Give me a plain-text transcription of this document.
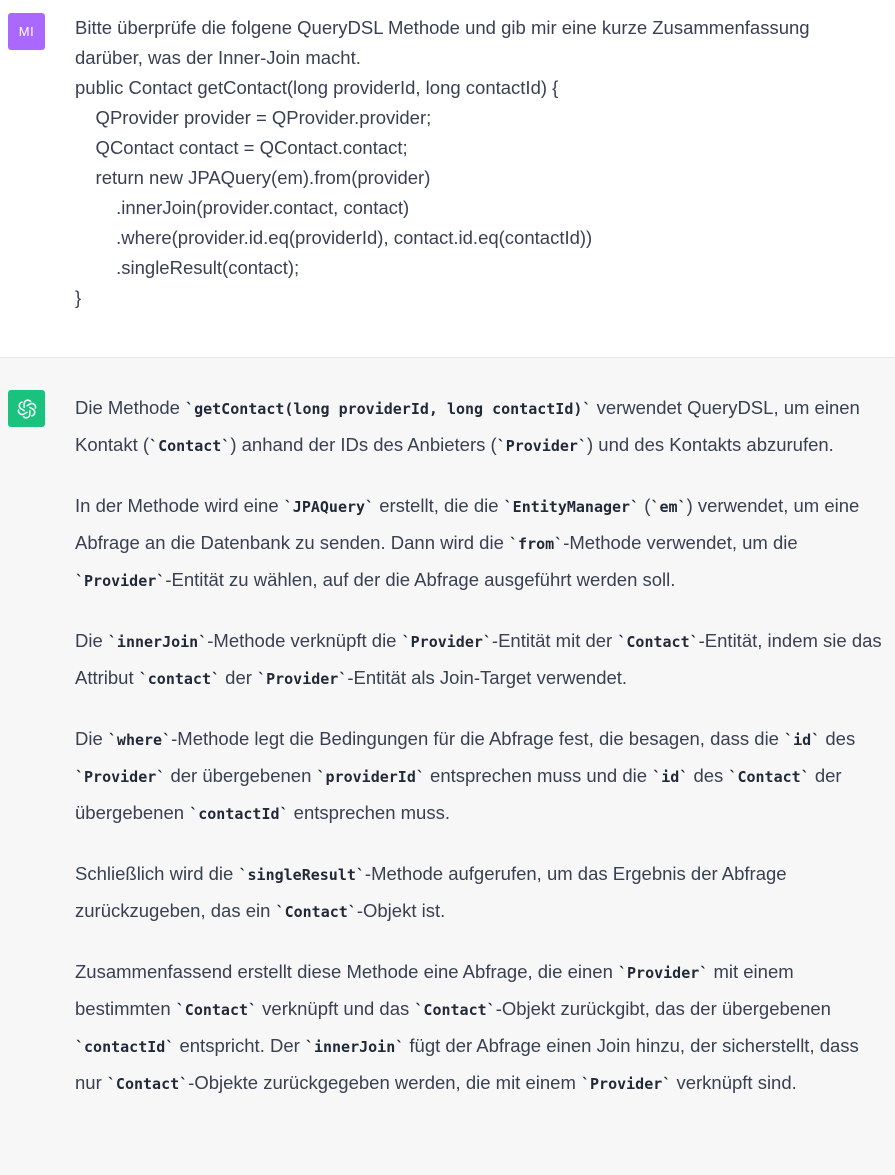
MI Bitte überprüfe die folgene QueryDSL Methode und gib mir eine kurze Zusammenfassung
darüber, was der Inner-Join macht.
public Contact getContact(long providerId, long contactId) {
QProvider provider = QProvider.provider;
QContact contact = QContact.contact;
return new JPAQuery(em).from(provider)
.innerJoin(provider.contact, contact)
.where(provider.id.eq(providerId), contact.id.eq(contactId))
.singleResult(contact);
}

Die Methode `getContact(long providerId, long contactId)` verwendet QueryDSL, um einen Kontakt (`Contact`) anhand der IDs des Anbieters (`Provider`) und des Kontakts abzurufen.

In der Methode wird eine `JPAQuery` erstellt, die die `EntityManager` (`em`) verwendet, um eine Abfrage an die Datenbank zu senden. Dann wird die `from`-Methode verwendet, um die `Provider`-Entität zu wählen, auf der die Abfrage ausgeführt werden soll.

Die `innerJoin`-Methode verknüpft die `Provider`-Entität mit der `Contact`-Entität, indem sie das Attribut `contact` der `Provider`-Entität als Join-Target verwendet.

Die `where`-Methode legt die Bedingungen für die Abfrage fest, die besagen, dass die `id` des `Provider` der übergebenen `providerId` entsprechen muss und die `id` des `Contact` der übergebenen `contactId` entsprechen muss.

Schließlich wird die `singleResult`-Methode aufgerufen, um das Ergebnis der Abfrage zurückzugeben, das ein `Contact`-Objekt ist.

Zusammenfassend erstellt diese Methode eine Abfrage, die einen `Provider` mit einem bestimmten `Contact` verknüpft und das `Contact`-Objekt zurückgibt, das der übergebenen `contactId` entspricht. Der `innerJoin` fügt der Abfrage einen Join hinzu, der sicherstellt, dass nur `Contact`-Objekte zurückgegeben werden, die mit einem `Provider` verknüpft sind.
